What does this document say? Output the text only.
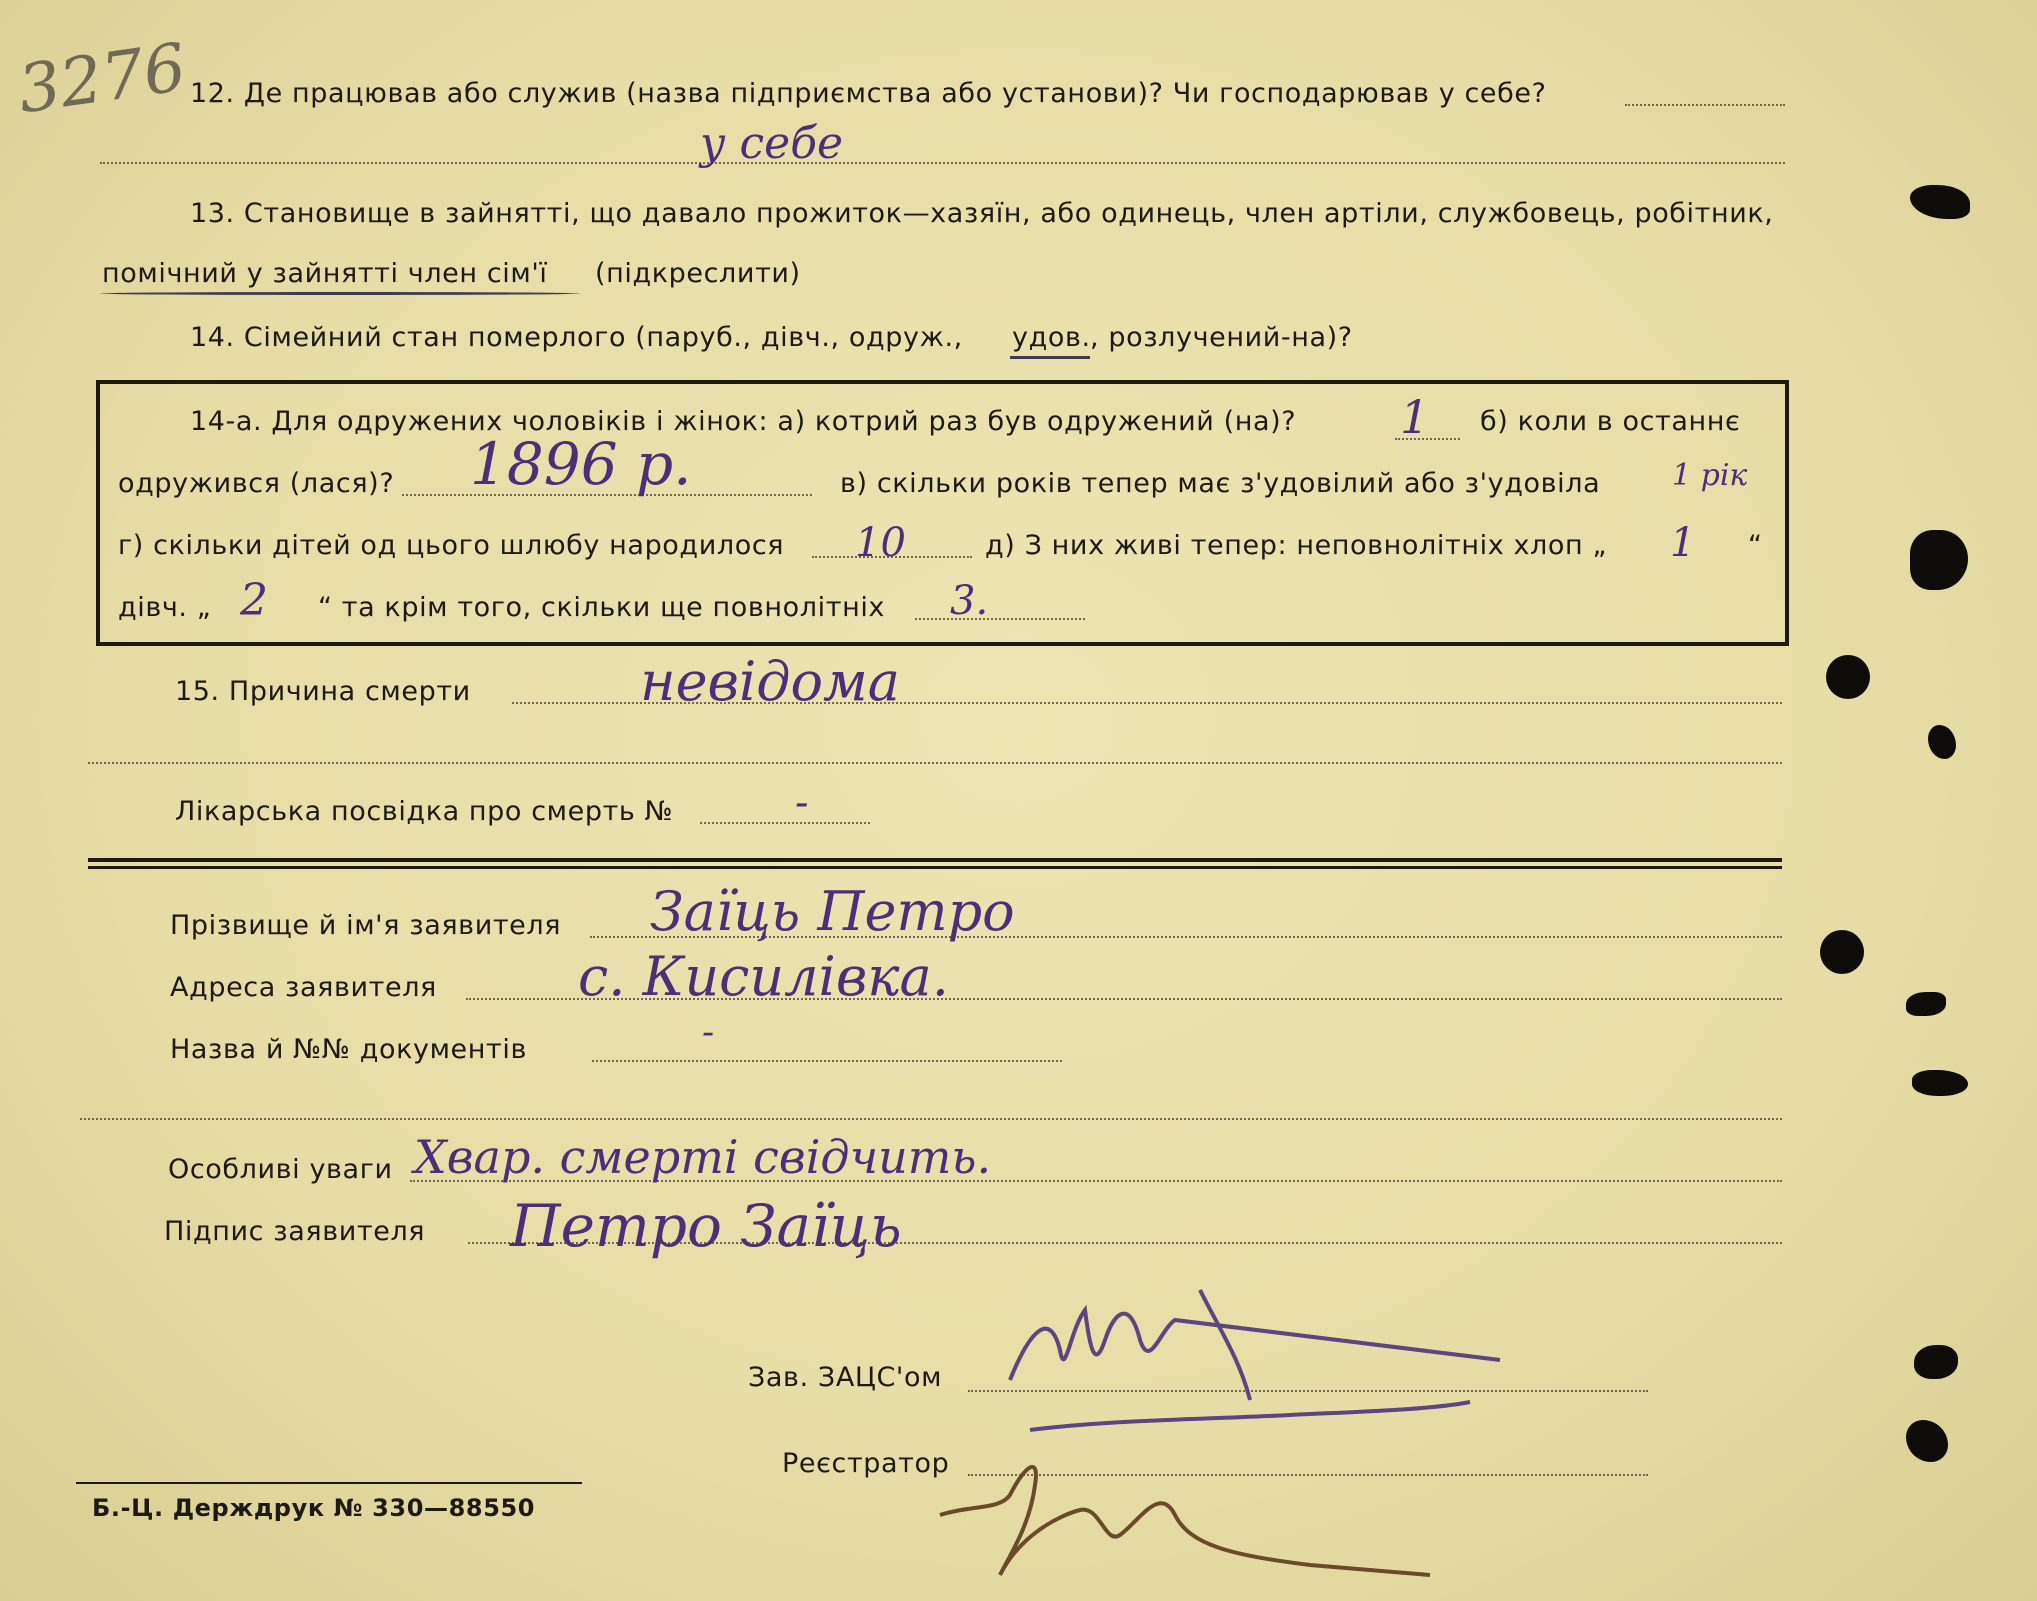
3276 12. Де працював або служив (назва підприємства або установи)? Чи господарював у себе?
у себе
13. Становище в зайнятті, що давало прожиток—хазяїн, або одинець, член артіли, службовець, робітник,
помічний у зайнятті член сім'ї (підкреслити)
14. Сімейний стан померлого (паруб., дівч., одруж., удов. , розлучений-на)?
14-а. Для одружених чоловіків і жінок: а) котрий раз був одружений (на)? 1 б) коли в останнє
одружився (лася)? 1896 р.	в) скільки років тепер має з'удовілий або з'удовіла 1 рік
г) скільки дітей од цього шлюбу народилося 10	д) З них живі тепер: неповнолітніх хлоп „ 1 “
дівч. „ 2 “ та крім того, скільки ще повнолітніх 3.
15. Причина смерти	невідома
Лікарська посвідка про смерть №	-
Прізвище й ім'я заявителя Заїць Петро
Адреса заявителя	с. Кисилівка.
Назва й №№ документів	-
Особливі уваги Хвар. смерті свідчить.
Підпис заявителя Петро Заїць
Зав. ЗАЦС'ом
Реєстратор
Б.-Ц. Держдрук № 330—88550
